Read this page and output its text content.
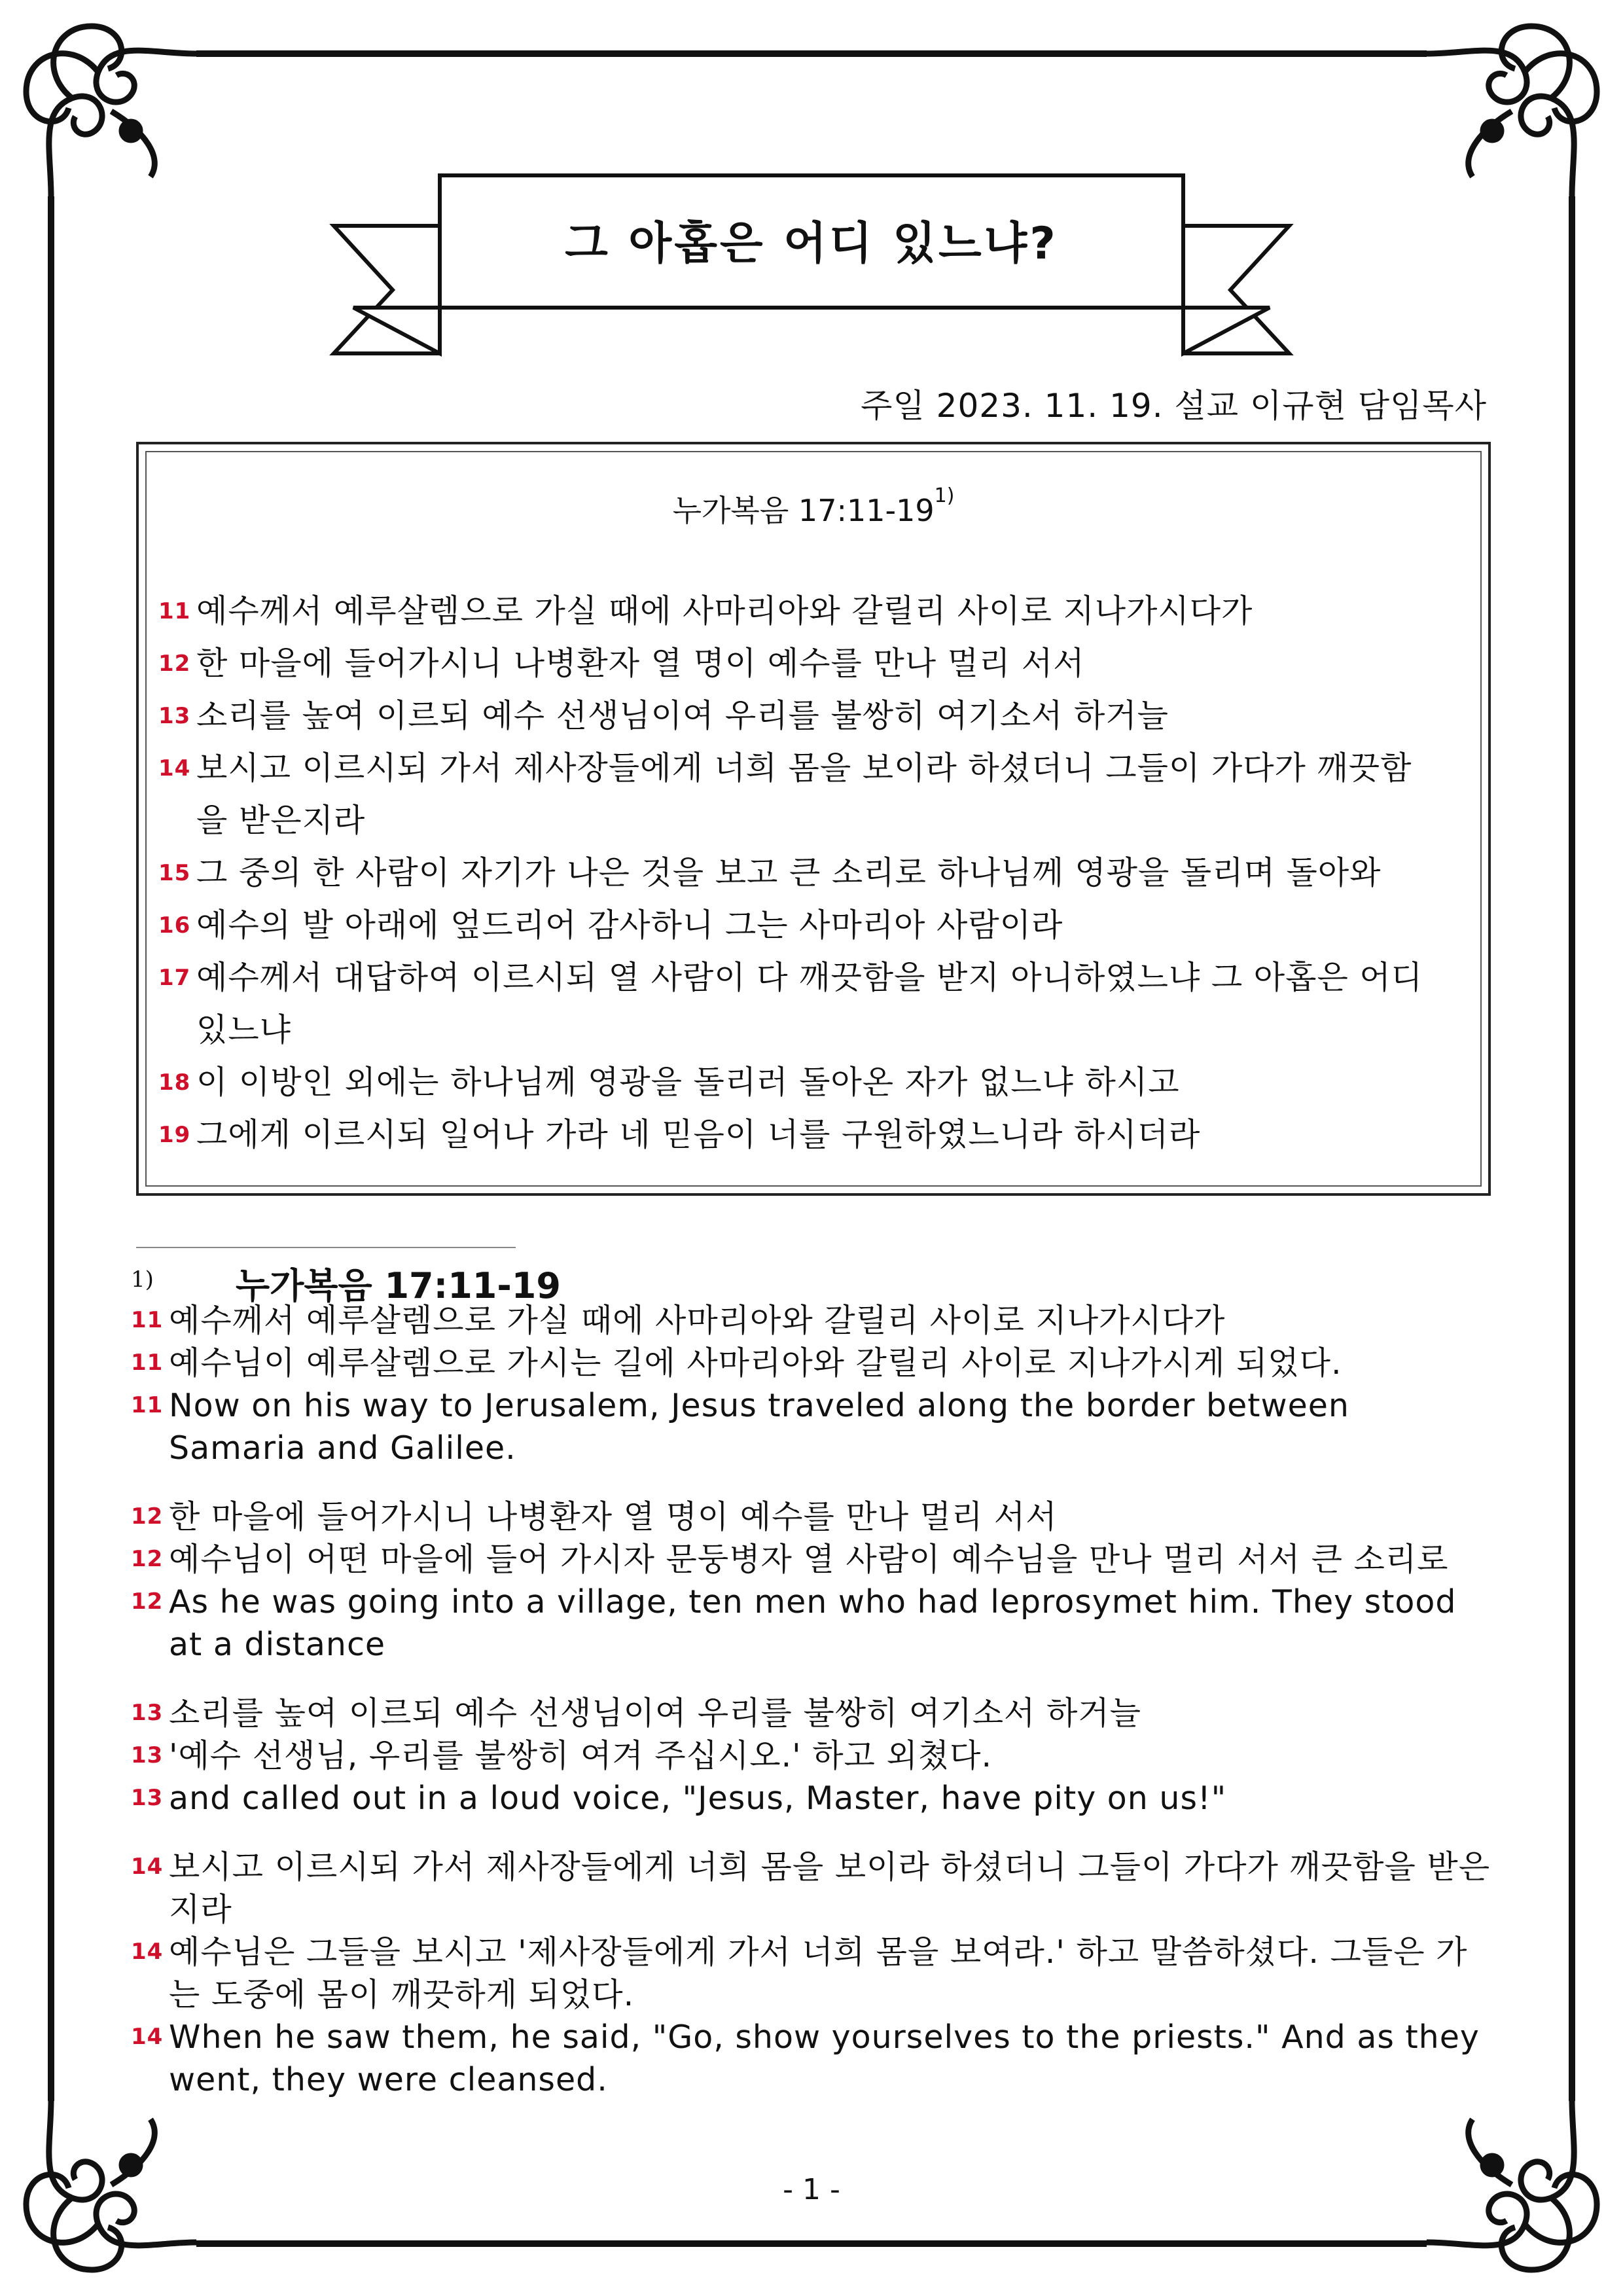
그 아홉은 어디 있느냐?
주일 2023. 11. 19. 설교 이규현 담임목사
누가복음 17:11-19$^{1)}$
11 예수께서 예루살렘으로 가실 때에 사마리아와 갈릴리 사이로 지나가시다가
12 한 마을에 들어가시니 나병환자 열 명이 예수를 만나 멀리 서서
13 소리를 높여 이르되 예수 선생님이여 우리를 불쌍히 여기소서 하거늘
14 보시고 이르시되 가서 제사장들에게 너희 몸을 보이라 하셨더니 그들이 가다가 깨끗함을 받은지라
15 그 중의 한 사람이 자기가 나은 것을 보고 큰 소리로 하나님께 영광을 돌리며 돌아와
16 예수의 발 아래에 엎드리어 감사하니 그는 사마리아 사람이라
17 예수께서 대답하여 이르시되 열 사람이 다 깨끗함을 받지 아니하였느냐 그 아홉은 어디 있느냐
18 이 이방인 외에는 하나님께 영광을 돌리러 돌아온 자가 없느냐 하시고
19 그에게 이르시되 일어나 가라 네 믿음이 너를 구원하였느니라 하시더라
1) 누가복음 17:11-19
11 예수께서 예루살렘으로 가실 때에 사마리아와 갈릴리 사이로 지나가시다가
11 예수님이 예루살렘으로 가시는 길에 사마리아와 갈릴리 사이로 지나가시게 되었다.
11 Now on his way to Jerusalem, Jesus traveled along the border between Samaria and Galilee.
12 한 마을에 들어가시니 나병환자 열 명이 예수를 만나 멀리 서서
12 예수님이 어떤 마을에 들어 가시자 문둥병자 열 사람이 예수님을 만나 멀리 서서 큰 소리로
12 As he was going into a village, ten men who had leprosymet him. They stood at a distance
13 소리를 높여 이르되 예수 선생님이여 우리를 불쌍히 여기소서 하거늘
13 '예수 선생님, 우리를 불쌍히 여겨 주십시오.' 하고 외쳤다.
13 and called out in a loud voice, "Jesus, Master, have pity on us!"
14 보시고 이르시되 가서 제사장들에게 너희 몸을 보이라 하셨더니 그들이 가다가 깨끗함을 받은지라
14 예수님은 그들을 보시고 '제사장들에게 가서 너희 몸을 보여라.' 하고 말씀하셨다. 그들은 가는 도중에 몸이 깨끗하게 되었다.
14 When he saw them, he said, "Go, show yourselves to the priests." And as they went, they were cleansed.
- 1 -
